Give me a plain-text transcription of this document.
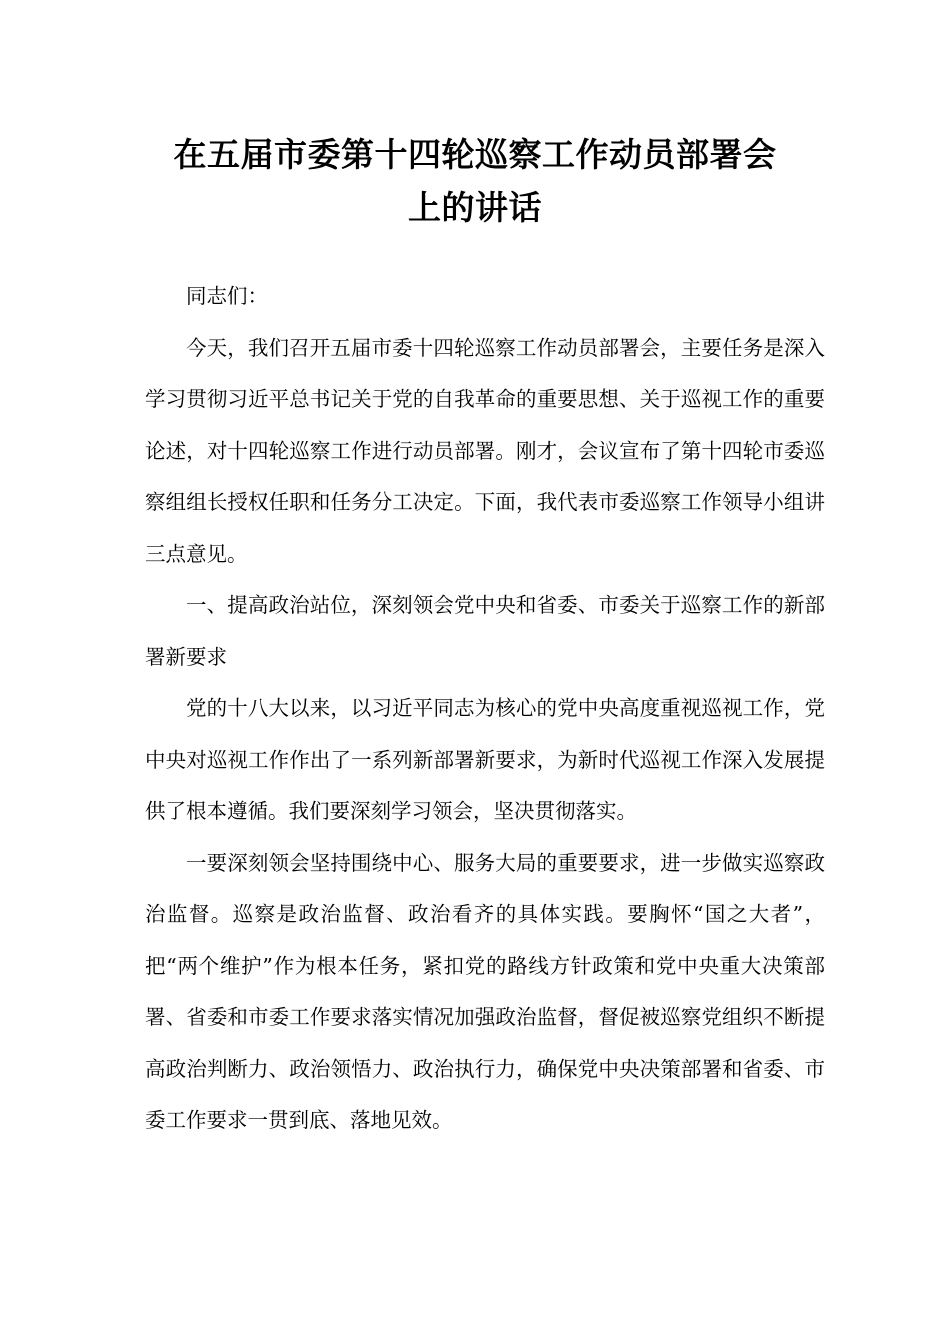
在五届市委第十四轮巡察工作动员部署会
上的讲话

同志们：

今天，我们召开五届市委十四轮巡察工作动员部署会，主要任务是深入学习贯彻习近平总书记关于党的自我革命的重要思想、关于巡视工作的重要论述，对十四轮巡察工作进行动员部署。刚才，会议宣布了第十四轮市委巡察组组长授权任职和任务分工决定。下面，我代表市委巡察工作领导小组讲三点意见。

一、提高政治站位，深刻领会党中央和省委、市委关于巡察工作的新部署新要求

党的十八大以来，以习近平同志为核心的党中央高度重视巡视工作，党中央对巡视工作作出了一系列新部署新要求，为新时代巡视工作深入发展提供了根本遵循。我们要深刻学习领会，坚决贯彻落实。

一要深刻领会坚持围绕中心、服务大局的重要要求，进一步做实巡察政治监督。巡察是政治监督、政治看齐的具体实践。要胸怀“国之大者”，把“两个维护”作为根本任务，紧扣党的路线方针政策和党中央重大决策部署、省委和市委工作要求落实情况加强政治监督，督促被巡察党组织不断提高政治判断力、政治领悟力、政治执行力，确保党中央决策部署和省委、市委工作要求一贯到底、落地见效。
